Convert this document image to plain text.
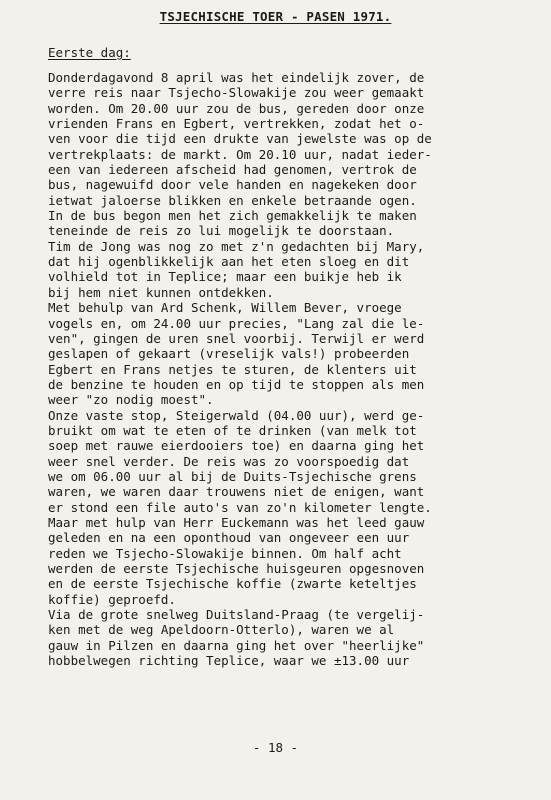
TSJECHISCHE TOER - PASEN 1971.
Eerste dag:
Donderdagavond 8 april was het eindelijk zover, de
verre reis naar Tsjecho-Slowakije zou weer gemaakt
worden. Om 20.00 uur zou de bus, gereden door onze
vrienden Frans en Egbert, vertrekken, zodat het o-
ven voor die tijd een drukte van jewelste was op de
vertrekplaats: de markt. Om 20.10 uur, nadat ieder-
een van iedereen afscheid had genomen, vertrok de
bus, nagewuifd door vele handen en nagekeken door
ietwat jaloerse blikken en enkele betraande ogen.
In de bus begon men het zich gemakkelijk te maken
teneinde de reis zo lui mogelijk te doorstaan.
Tim de Jong was nog zo met z'n gedachten bij Mary,
dat hij ogenblikkelijk aan het eten sloeg en dit
volhield tot in Teplice; maar een buikje heb ik
bij hem niet kunnen ontdekken.
Met behulp van Ard Schenk, Willem Bever, vroege
vogels en, om 24.00 uur precies, "Lang zal die le-
ven", gingen de uren snel voorbij. Terwijl er werd
geslapen of gekaart (vreselijk vals!) probeerden
Egbert en Frans netjes te sturen, de klenters uit
de benzine te houden en op tijd te stoppen als men
weer "zo nodig moest".
Onze vaste stop, Steigerwald (04.00 uur), werd ge-
bruikt om wat te eten of te drinken (van melk tot
soep met rauwe eierdooiers toe) en daarna ging het
weer snel verder. De reis was zo voorspoedig dat
we om 06.00 uur al bij de Duits-Tsjechische grens
waren, we waren daar trouwens niet de enigen, want
er stond een file auto's van zo'n kilometer lengte.
Maar met hulp van Herr Euckemann was het leed gauw
geleden en na een oponthoud van ongeveer een uur
reden we Tsjecho-Slowakije binnen. Om half acht
werden de eerste Tsjechische huisgeuren opgesnoven
en de eerste Tsjechische koffie (zwarte keteltjes
koffie) geproefd.
Via de grote snelweg Duitsland-Praag (te vergelij-
ken met de weg Apeldoorn-Otterlo), waren we al
gauw in Pilzen en daarna ging het over "heerlijke"
hobbelwegen richting Teplice, waar we ±13.00 uur
- 18 -
